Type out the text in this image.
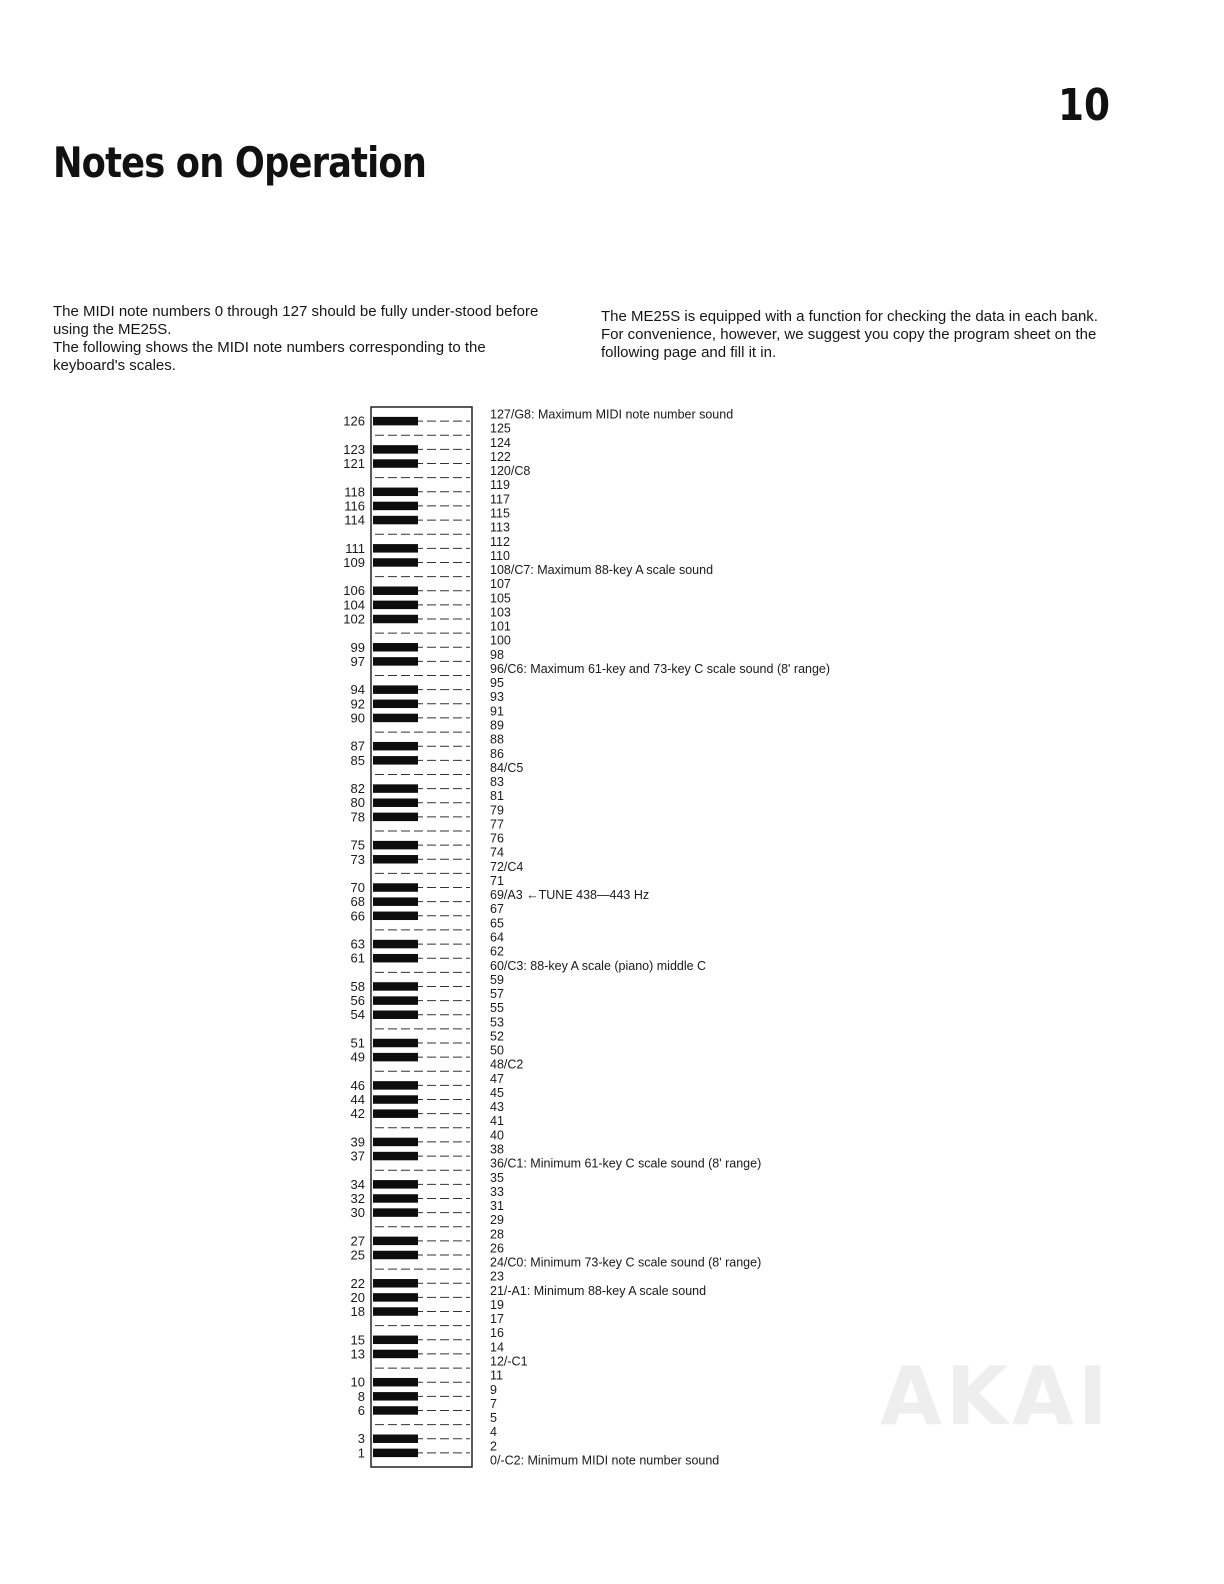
10
Notes on Operation

The MIDI note numbers 0 through 127 should be fully under-stood before using the ME25S.

The following shows the MIDI note numbers corresponding to the keyboard's scales.

The ME25S is equipped with a function for checking the data in each bank. For convenience, however, we suggest you copy the program sheet on the following page and fill it in.

127/G8: Maximum MIDI note number sound
125
124
122
120/C8
119
117
115
113
112
110
108/C7: Maximum 88-key A scale sound
107
105
103
101
100
98
96/C6: Maximum 61-key and 73-key C scale sound (8' range)
95
93
91
89
88
86
84/C5
83
81
79
77
76
74
72/C4
71
69/A3 ←TUNE 438—443 Hz
67
65
64
62
60/C3: 88-key A scale (piano) middle C
59
57
55
53
52
50
48/C2
47
45
43
41
40
38
36/C1: Minimum 61-key C scale sound (8' range)
35
33
31
29
28
26
24/C0: Minimum 73-key C scale sound (8' range)
23
21/-A1: Minimum 88-key A scale sound
19
17
16
14
12/-C1
11
9
7
5
4
2
0/-C2: Minimum MIDI note number sound
126
123
121
118
116
114
111
109
106
104
102
99
97
94
92
90
87
85
82
80
78
75
73
70
68
66
63
61
58
56
54
51
49
46
44
42
39
37
34
32
30
27
25
22
20
18
15
13
10
8
6
3
1
AKAI
